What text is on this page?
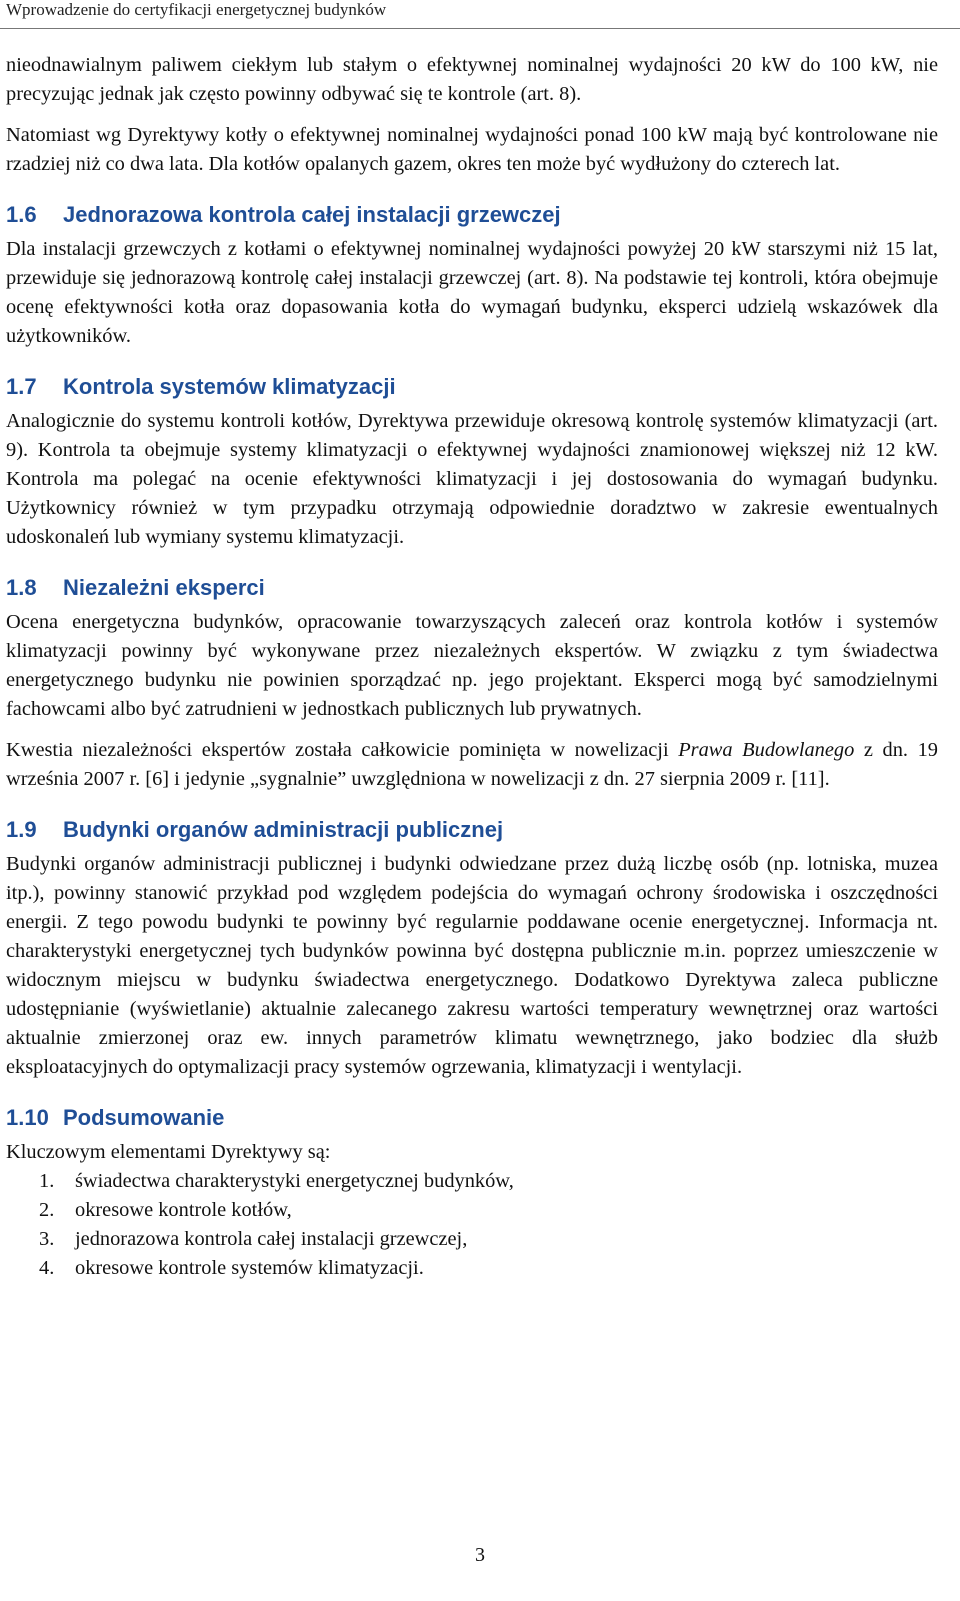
Wprowadzenie do certyfikacji energetycznej budynków

nieodnawialnym paliwem ciekłym lub stałym o efektywnej nominalnej wydajności 20 kW do 100 kW, nie precyzując jednak jak często powinny odbywać się te kontrole (art. 8).

Natomiast wg Dyrektywy kotły o efektywnej nominalnej wydajności ponad 100 kW mają być kontrolowane nie rzadziej niż co dwa lata. Dla kotłów opalanych gazem, okres ten może być wydłużony do czterech lat.

1.6 Jednorazowa kontrola całej instalacji grzewczej

Dla instalacji grzewczych z kotłami o efektywnej nominalnej wydajności powyżej 20 kW starszymi niż 15 lat, przewiduje się jednorazową kontrolę całej instalacji grzewczej (art. 8). Na podstawie tej kontroli, która obejmuje ocenę efektywności kotła oraz dopasowania kotła do wymagań budynku, eksperci udzielą wskazówek dla użytkowników.

1.7 Kontrola systemów klimatyzacji

Analogicznie do systemu kontroli kotłów, Dyrektywa przewiduje okresową kontrolę systemów klimatyzacji (art. 9). Kontrola ta obejmuje systemy klimatyzacji o efektywnej wydajności znamionowej większej niż 12 kW. Kontrola ma polegać na ocenie efektywności klimatyzacji i jej dostosowania do wymagań budynku. Użytkownicy również w tym przypadku otrzymają odpowiednie doradztwo w zakresie ewentualnych udoskonaleń lub wymiany systemu klimatyzacji.

1.8 Niezależni eksperci

Ocena energetyczna budynków, opracowanie towarzyszących zaleceń oraz kontrola kotłów i systemów klimatyzacji powinny być wykonywane przez niezależnych ekspertów. W związku z tym świadectwa energetycznego budynku nie powinien sporządzać np. jego projektant. Eksperci mogą być samodzielnymi fachowcami albo być zatrudnieni w jednostkach publicznych lub prywatnych.

Kwestia niezależności ekspertów została całkowicie pominięta w nowelizacji Prawa Budowlanego z dn. 19 września 2007 r. [6] i jedynie „sygnalnie” uwzględniona w nowelizacji z dn. 27 sierpnia 2009 r. [11].

1.9 Budynki organów administracji publicznej

Budynki organów administracji publicznej i budynki odwiedzane przez dużą liczbę osób (np. lotniska, muzea itp.), powinny stanowić przykład pod względem podejścia do wymagań ochrony środowiska i oszczędności energii. Z tego powodu budynki te powinny być regularnie poddawane ocenie energetycznej. Informacja nt. charakterystyki energetycznej tych budynków powinna być dostępna publicznie m.in. poprzez umieszczenie w widocznym miejscu w budynku świadectwa energetycznego. Dodatkowo Dyrektywa zaleca publiczne udostępnianie (wyświetlanie) aktualnie zalecanego zakresu wartości temperatury wewnętrznej oraz wartości aktualnie zmierzonej oraz ew. innych parametrów klimatu wewnętrznego, jako bodziec dla służb eksploatacyjnych do optymalizacji pracy systemów ogrzewania, klimatyzacji i wentylacji.

1.10 Podsumowanie

Kluczowym elementami Dyrektywy są:

1. świadectwa charakterystyki energetycznej budynków,
2. okresowe kontrole kotłów,
3. jednorazowa kontrola całej instalacji grzewczej,
4. okresowe kontrole systemów klimatyzacji.
3
